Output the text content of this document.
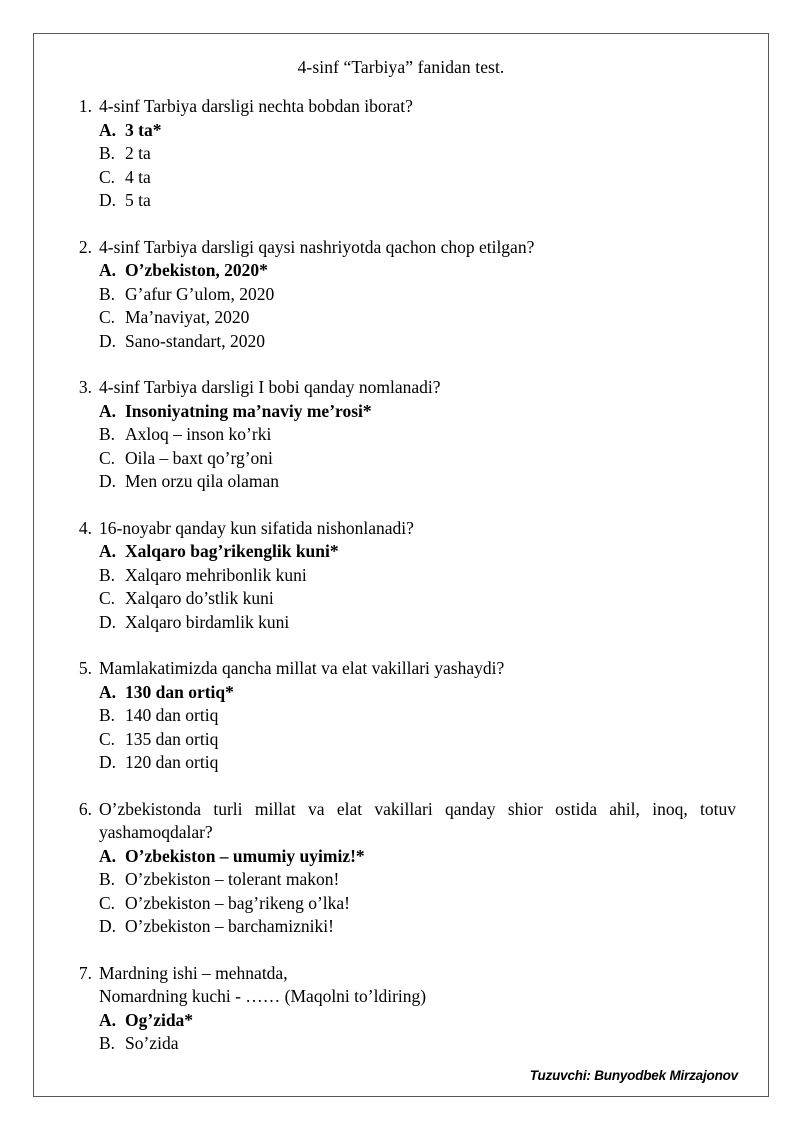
4-sinf “Tarbiya” fanidan test.
1. 4-sinf Tarbiya darsligi nechta bobdan iborat?
A. 3 ta*
B. 2 ta
C. 4 ta
D. 5 ta
2. 4-sinf Tarbiya darsligi qaysi nashriyotda qachon chop etilgan?
A. O’zbekiston, 2020*
B. G’afur G’ulom, 2020
C. Ma’naviyat, 2020
D. Sano-standart, 2020
3. 4-sinf Tarbiya darsligi I bobi qanday nomlanadi?
A. Insoniyatning ma’naviy me’rosi*
B. Axloq – inson ko’rki
C. Oila – baxt qo’rg’oni
D. Men orzu qila olaman
4. 16-noyabr qanday kun sifatida nishonlanadi?
A. Xalqaro bag’rikenglik kuni*
B. Xalqaro mehribonlik kuni
C. Xalqaro do’stlik kuni
D. Xalqaro birdamlik kuni
5. Mamlakatimizda qancha millat va elat vakillari yashaydi?
A. 130 dan ortiq*
B. 140 dan ortiq
C. 135 dan ortiq
D. 120 dan ortiq
6. O’zbekistonda turli millat va elat vakillari qanday shior ostida ahil, inoq, totuv yashamoqdalar?
A. O’zbekiston – umumiy uyimiz!*
B. O’zbekiston – tolerant makon!
C. O’zbekiston – bag’rikeng o’lka!
D. O’zbekiston – barchamizniki!
7. Mardning ishi – mehnatda,
Nomardning kuchi - …… (Maqolni to’ldiring)
A. Og’zida*
B. So’zida
Tuzuvchi: Bunyodbek Mirzajonov
